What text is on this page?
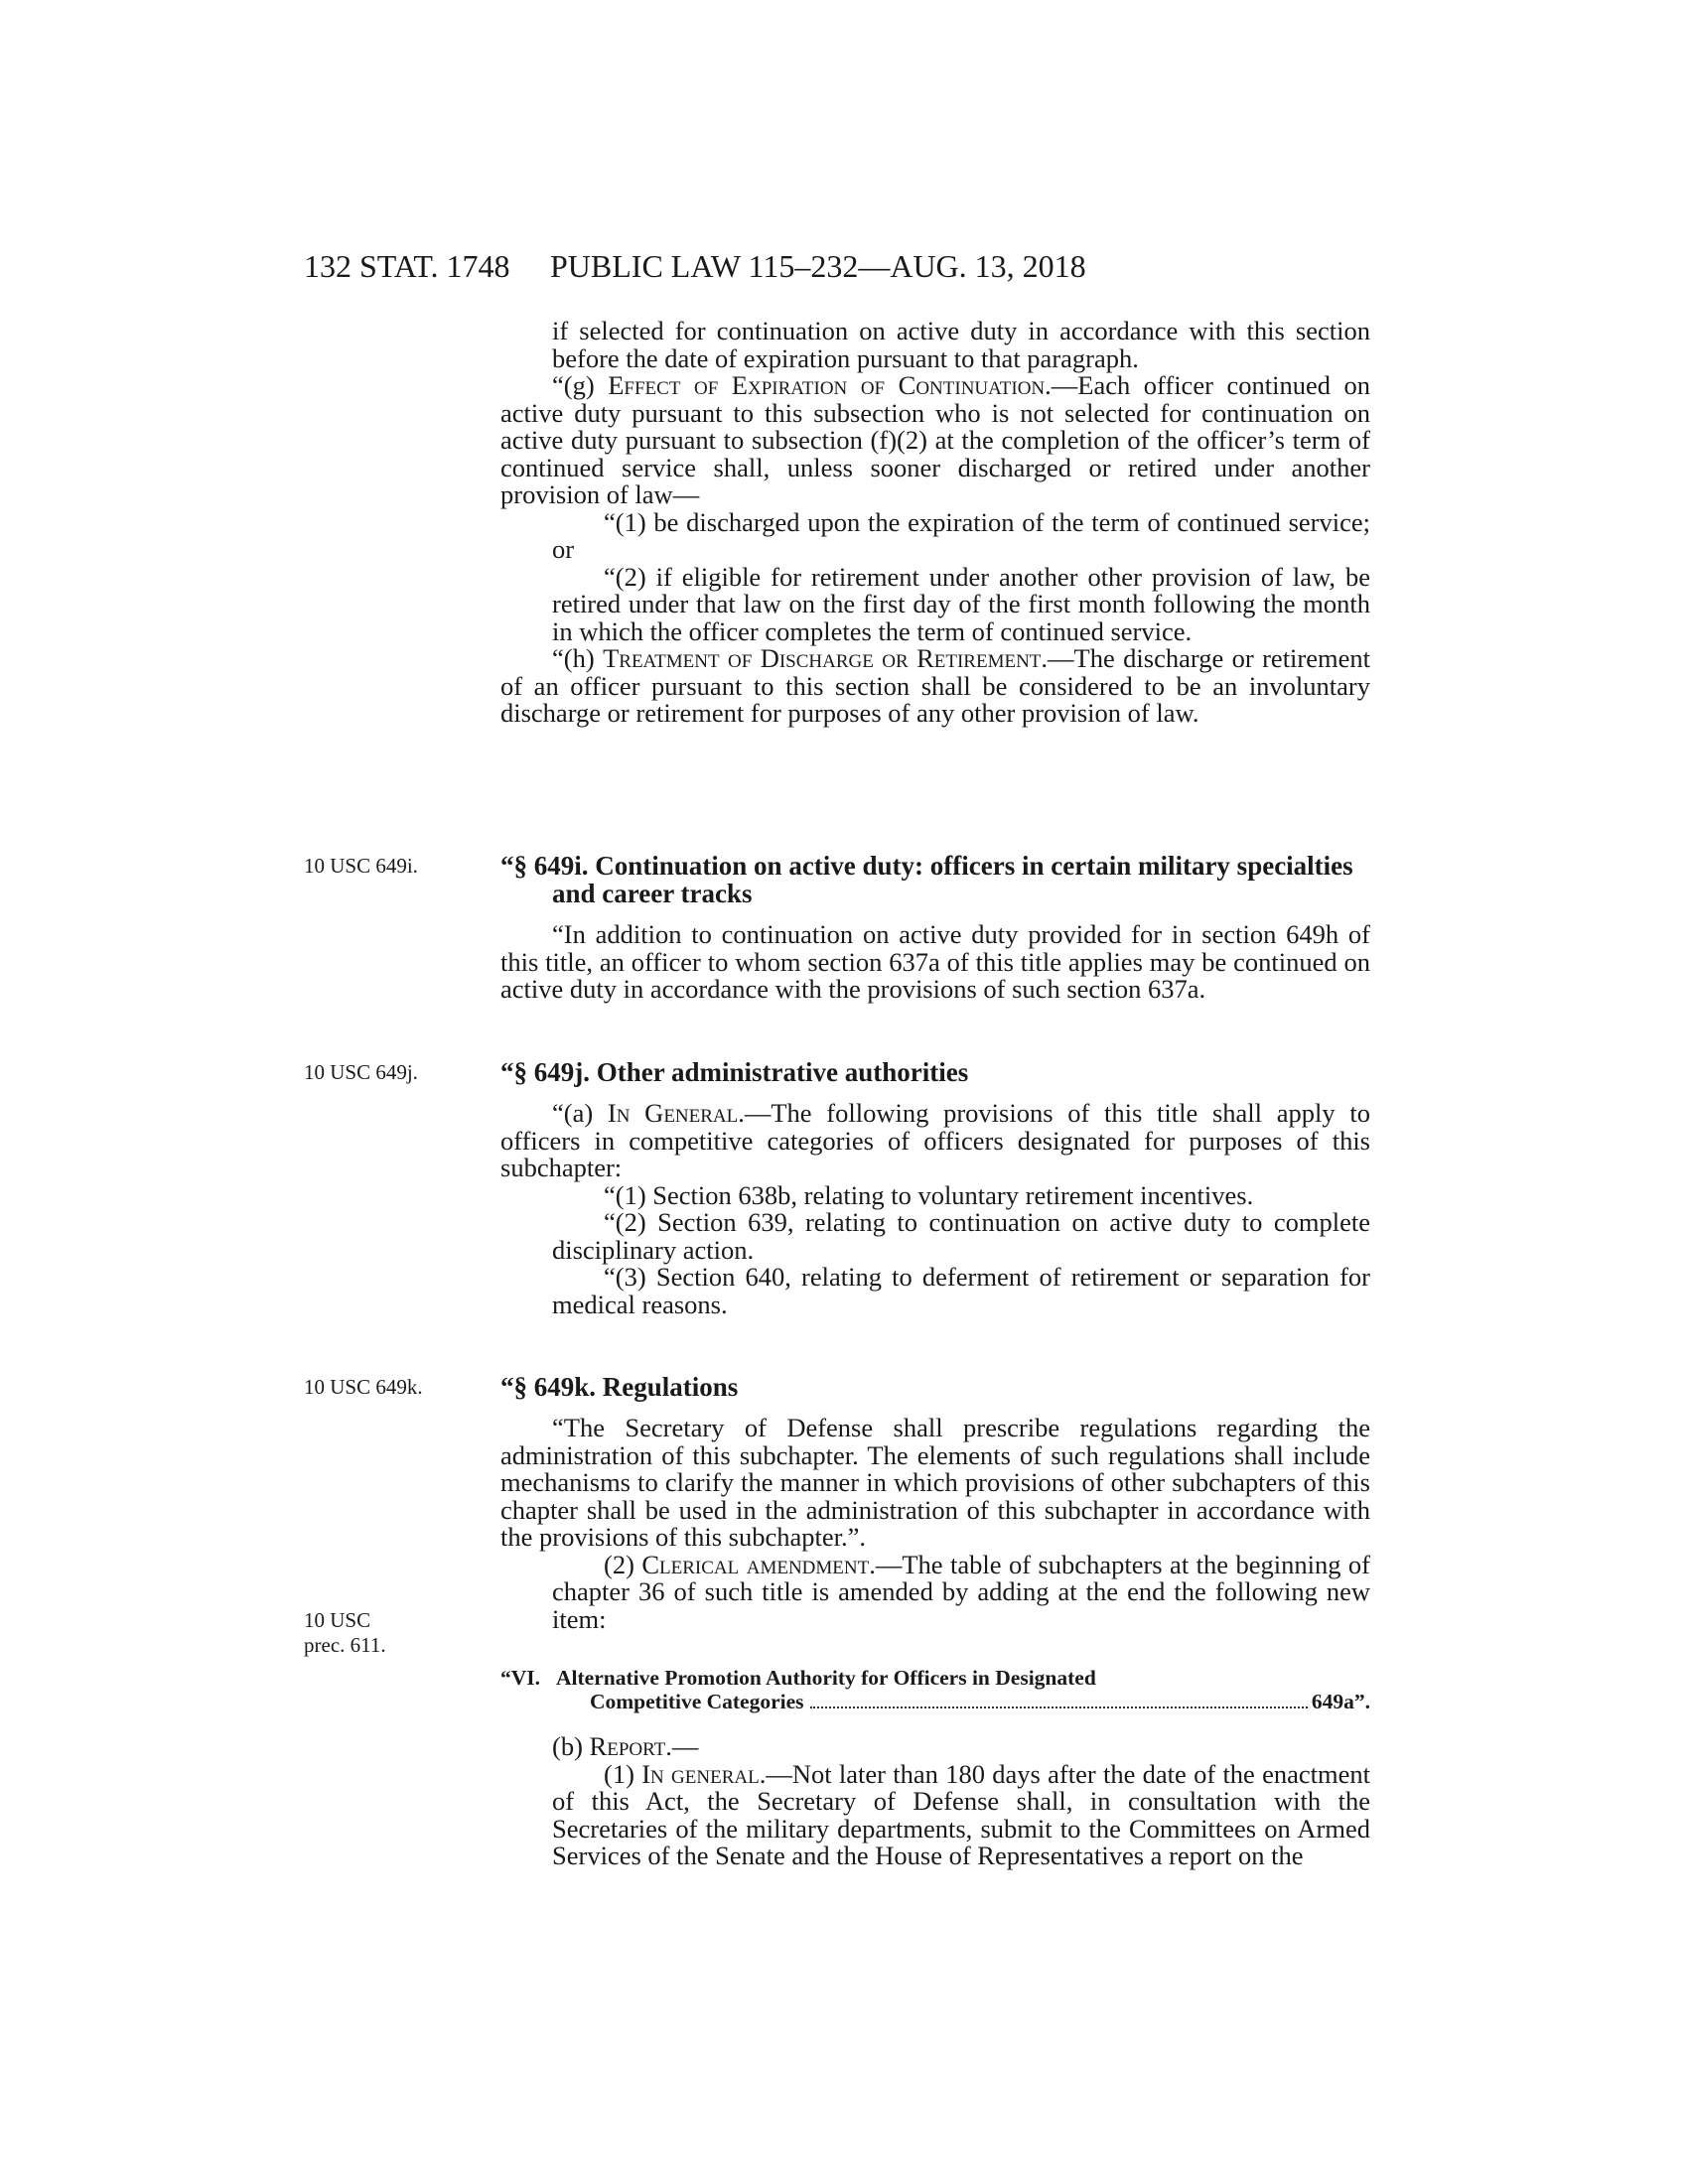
132 STAT. 1748 PUBLIC LAW 115–232—AUG. 13, 2018
10 USC 649i.
10 USC 649j.
10 USC 649k.
10 USC
prec. 611.

if selected for continuation on active duty in accordance with this section before the date of expiration pursuant to that paragraph.

“(g) Effect of Expiration of Continuation.—Each officer continued on active duty pursuant to this subsection who is not selected for continuation on active duty pursuant to subsection (f)(2) at the completion of the officer’s term of continued service shall, unless sooner discharged or retired under another provision of law—

“(1) be discharged upon the expiration of the term of continued service; or

“(2) if eligible for retirement under another other provision of law, be retired under that law on the first day of the first month following the month in which the officer completes the term of continued service.

“(h) Treatment of Discharge or Retirement.—The discharge or retirement of an officer pursuant to this section shall be considered to be an involuntary discharge or retirement for purposes of any other provision of law.

“§ 649i. Continuation on active duty: officers in certain military specialties and career tracks

“In addition to continuation on active duty provided for in section 649h of this title, an officer to whom section 637a of this title applies may be continued on active duty in accordance with the provisions of such section 637a.

“§ 649j. Other administrative authorities

“(a) In General.—The following provisions of this title shall apply to officers in competitive categories of officers designated for purposes of this subchapter:

“(1) Section 638b, relating to voluntary retirement incentives.

“(2) Section 639, relating to continuation on active duty to complete disciplinary action.

“(3) Section 640, relating to deferment of retirement or separation for medical reasons.

“§ 649k. Regulations

“The Secretary of Defense shall prescribe regulations regarding the administration of this subchapter. The elements of such regulations shall include mechanisms to clarify the manner in which provisions of other subchapters of this chapter shall be used in the administration of this subchapter in accordance with the provisions of this subchapter.”.

(2) Clerical amendment.—The table of subchapters at the beginning of chapter 36 of such title is amended by adding at the end the following new item:

“VI. Alternative Promotion Authority for Officers in Designated
Competitive Categories	649a”.

(b) Report.—

(1) In general.—Not later than 180 days after the date of the enactment of this Act, the Secretary of Defense shall, in consultation with the Secretaries of the military departments, submit to the Committees on Armed Services of the Senate and the House of Representatives a report on the
